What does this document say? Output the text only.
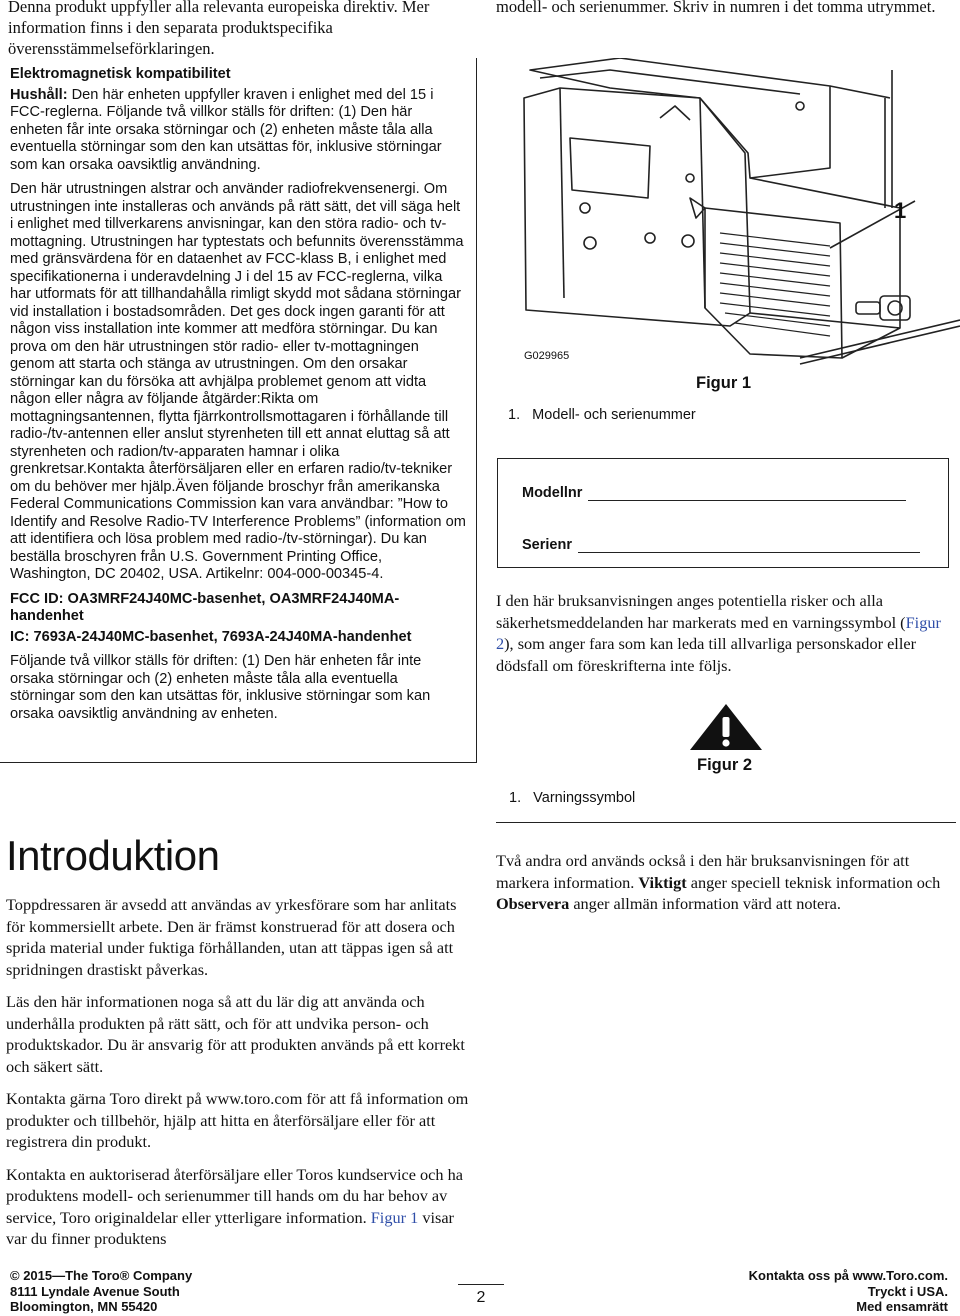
Denna produkt uppfyller alla relevanta europeiska direktiv. Mer information finns i den separata produktspecifika överensstämmelseförklaringen.

Elektromagnetisk kompatibilitet

Hushåll: Den här enheten uppfyller kraven i enlighet med del 15 i FCC-reglerna. Följande två villkor ställs för driften: (1) Den här enheten får inte orsaka störningar och (2) enheten måste tåla alla eventuella störningar som den kan utsättas för, inklusive störningar som kan orsaka oavsiktlig användning.

Den här utrustningen alstrar och använder radiofrekvensenergi. Om utrustningen inte installeras och används på rätt sätt, det vill säga helt i enlighet med tillverkarens anvisningar, kan den störa radio- och tv-mottagning. Utrustningen har typtestats och befunnits överensstämma med gränsvärdena för en dataenhet av FCC-klass B, i enlighet med specifikationerna i underavdelning J i del 15 av FCC-reglerna, vilka har utformats för att tillhandahålla rimligt skydd mot sådana störningar vid installation i bostadsområden. Det ges dock ingen garanti för att någon viss installation inte kommer att medföra störningar. Du kan prova om den här utrustningen stör radio- eller tv-mottagningen genom att starta och stänga av utrustningen. Om den orsakar störningar kan du försöka att avhjälpa problemet genom att vidta någon eller några av följande åtgärder:Rikta om mottagningsantennen, flytta fjärrkontrollsmottagaren i förhållande till radio-/tv-antennen eller anslut styrenheten till ett annat eluttag så att styrenheten och radion/tv-apparaten hamnar i olika grenkretsar.Kontakta återförsäljaren eller en erfaren radio/tv-tekniker om du behöver mer hjälp.Även följande broschyr från amerikanska Federal Communications Commission kan vara användbar: ”How to Identify and Resolve Radio-TV Interference Problems” (information om att identifiera och lösa problem med radio-/tv-störningar). Du kan beställa broschyren från U.S. Government Printing Office, Washington, DC 20402, USA. Artikelnr: 004-000-00345-4.

FCC ID: OA3MRF24J40MC-basenhet, OA3MRF24J40MA-handenhet

IC: 7693A-24J40MC-basenhet, 7693A-24J40MA-handenhet

Följande två villkor ställs för driften: (1) Den här enheten får inte orsaka störningar och (2) enheten måste tåla alla eventuella störningar som den kan utsättas för, inklusive störningar som kan orsaka oavsiktlig användning av enheten.

Introduktion

Toppdressaren är avsedd att användas av yrkesförare som har anlitats för kommersiellt arbete. Den är främst konstruerad för att dosera och sprida material under fuktiga förhållanden, utan att täppas igen så att spridningen drastiskt påverkas.

Läs den här informationen noga så att du lär dig att använda och underhålla produkten på rätt sätt, och för att undvika person- och produktskador. Du är ansvarig för att produkten används på ett korrekt och säkert sätt.

Kontakta gärna Toro direkt på www.toro.com för att få information om produkter och tillbehör, hjälp att hitta en återförsäljare eller för att registrera din produkt.

Kontakta en auktoriserad återförsäljare eller Toros kundservice och ha produktens modell- och serienummer till hands om du har behov av service, Toro originaldelar eller ytterligare information. Figur 1 visar var du finner produktens

© 2015—The Toro® Company
8111 Lyndale Avenue South
Bloomington, MN 55420
2
Kontakta oss på www.Toro.com.
Tryckt i USA.
Med ensamrätt

modell- och serienummer. Skriv in numren i det tomma utrymmet.

1
G029965
Figur 1
1.   Modell- och serienummer
Modellnr
Serienr

I den här bruksanvisningen anges potentiella risker och alla säkerhetsmeddelanden har markerats med en varningssymbol (Figur 2), som anger fara som kan leda till allvarliga personskador eller dödsfall om föreskrifterna inte följs.

Figur 2
1.   Varningssymbol

Två andra ord används också i den här bruksanvisningen för att markera information. Viktigt anger speciell teknisk information och Observera anger allmän information värd att notera.
